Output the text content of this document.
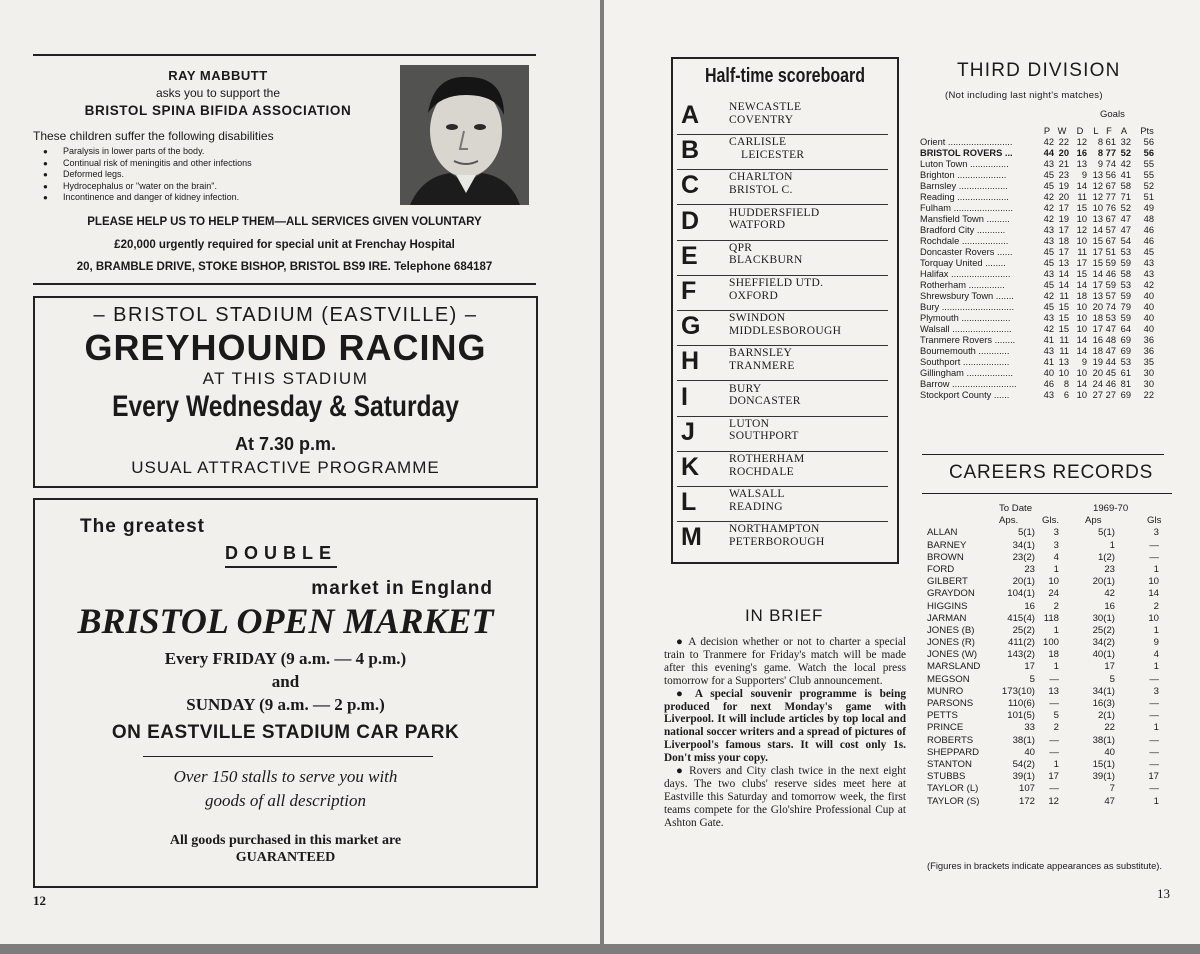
RAY MABBUTT
asks you to support the
BRISTOL SPINA BIFIDA ASSOCIATION
These children suffer the following disabilities
● Paralysis in lower parts of the body.
● Continual risk of meningitis and other infections
● Deformed legs.
● Hydrocephalus or "water on the brain".
● Incontinence and danger of kidney infection.
PLEASE HELP US TO HELP THEM—ALL SERVICES GIVEN VOLUNTARY
£20,000 urgently required for special unit at Frenchay Hospital
20, BRAMBLE DRIVE, STOKE BISHOP, BRISTOL BS9 IRE. Telephone 684187
– BRISTOL STADIUM (EASTVILLE) –
GREYHOUND RACING
AT THIS STADIUM
Every Wednesday & Saturday
At 7.30 p.m.
USUAL ATTRACTIVE PROGRAMME
The greatest
DOUBLE
market in England
BRISTOL OPEN MARKET
Every FRIDAY (9 a.m. — 4 p.m.)
and
SUNDAY (9 a.m. — 2 p.m.)
ON EASTVILLE STADIUM CAR PARK
Over 150 stalls to serve you with
goods of all description
All goods purchased in this market are
GUARANTEED
12
Half-time scoreboard
A	NEWCASTLE
COVENTRY
B	CARLISLE
LEICESTER
C	CHARLTON
BRISTOL C.
D	HUDDERSFIELD
WATFORD
E	QPR
BLACKBURN
F	SHEFFIELD UTD.
OXFORD
G SWINDON
MIDDLESBOROUGH
H	BARNSLEY
TRANMERE
I	BURY
DONCASTER
J	LUTON
SOUTHPORT
K	ROTHERHAM
ROCHDALE
L	WALSALL
READING
M NORTHAMPTON
PETERBOROUGH
IN BRIEF

● A decision whether or not to charter a special train to Tranmere for Friday's match will be made after this evening's game. Watch the local press tomorrow for a Supporters' Club announcement.

● A special souvenir programme is being produced for next Monday's game with Liverpool. It will include articles by top local and national soccer writers and a spread of pictures of Liverpool's famous stars. It will cost only 1s. Don't miss your copy.

● Rovers and City clash twice in the next eight days. The two clubs' reserve sides meet here at Eastville this Saturday and tomorrow week, the first teams compete for the Glo'shire Professional Cup at Ashton Gate.

THIRD DIVISION
(Not including last night's matches)
Goals
P W	D	L F A	Pts
Orient .........................	42 22 12	8 61 32	56
BRISTOL ROVERS ...	44 20 16	8 77 52	56
Luton Town ...............	43 21 13	9 74 42	55
Brighton ...................	45 23	9 13 56 41	55
Barnsley ...................	45 19 14 12 67 58	52
Reading ....................	42 20 11 12 77 71	51
Fulham .......................	42 17 15 10 76 52	49
Mansfield Town .........	42 19 10 13 67 47	48
Bradford City ...........	43 17 12 14 57 47	46
Rochdale ..................	43 18 10 15 67 54	46
Doncaster Rovers ......	45 17 11 17 51 53	45
Torquay United ........	45 13 17 15 59 59	43
Halifax .......................	43 14 15 14 46 58	43
Rotherham ..............	45 14 14 17 59 53	42
Shrewsbury Town .......	42 11 18 13 57 59	40
Bury ............................	45 15 10 20 74 79	40
Plymouth ...................	43 15 10 18 53 59	40
Walsall .......................	42 15 10 17 47 64	40
Tranmere Rovers ........	41 11 14 16 48 69	36
Bournemouth ............	43 11 14 18 47 69	36
Southport ..................	41 13	9 19 44 53	35
Gillingham ..................	40 10 10 20 45 61	30
Barrow .........................	46	8 14 24 46 81	30
Stockport County ......	43	6 10 27 27 69	22
CAREERS RECORDS
To Date	1969-70
Aps. Gls.	Aps	Gls
ALLAN	5(1)	3	5(1)	3
BARNEY	34(1)	3	1	—
BROWN	23(2)	4	1(2)	—
FORD	23	1	23	1
GILBERT	20(1)	10	20(1)	10
GRAYDON	104(1)	24	42	14
HIGGINS	16	2	16	2
JARMAN	415(4) 118	30(1)	10
JONES (B)	25(2)	1	25(2)	1
JONES (R)	411(2) 100	34(2)	9
JONES (W)	143(2)	18	40(1)	4
MARSLAND	17	1	17	1
MEGSON	5	—	5	—
MUNRO	173(10)	13	34(1)	3
PARSONS	110(6)	—	16(3)	—
PETTS	101(5)	5	2(1)	—
PRINCE	33	2	22	1
ROBERTS	38(1)	—	38(1)	—
SHEPPARD	40	—	40	—
STANTON	54(2)	1	15(1)	—
STUBBS	39(1)	17	39(1)	17
TAYLOR (L)	107	—	7	—
TAYLOR (S)	172	12	47	1
(Figures in brackets indicate appearances as substitute).
13
